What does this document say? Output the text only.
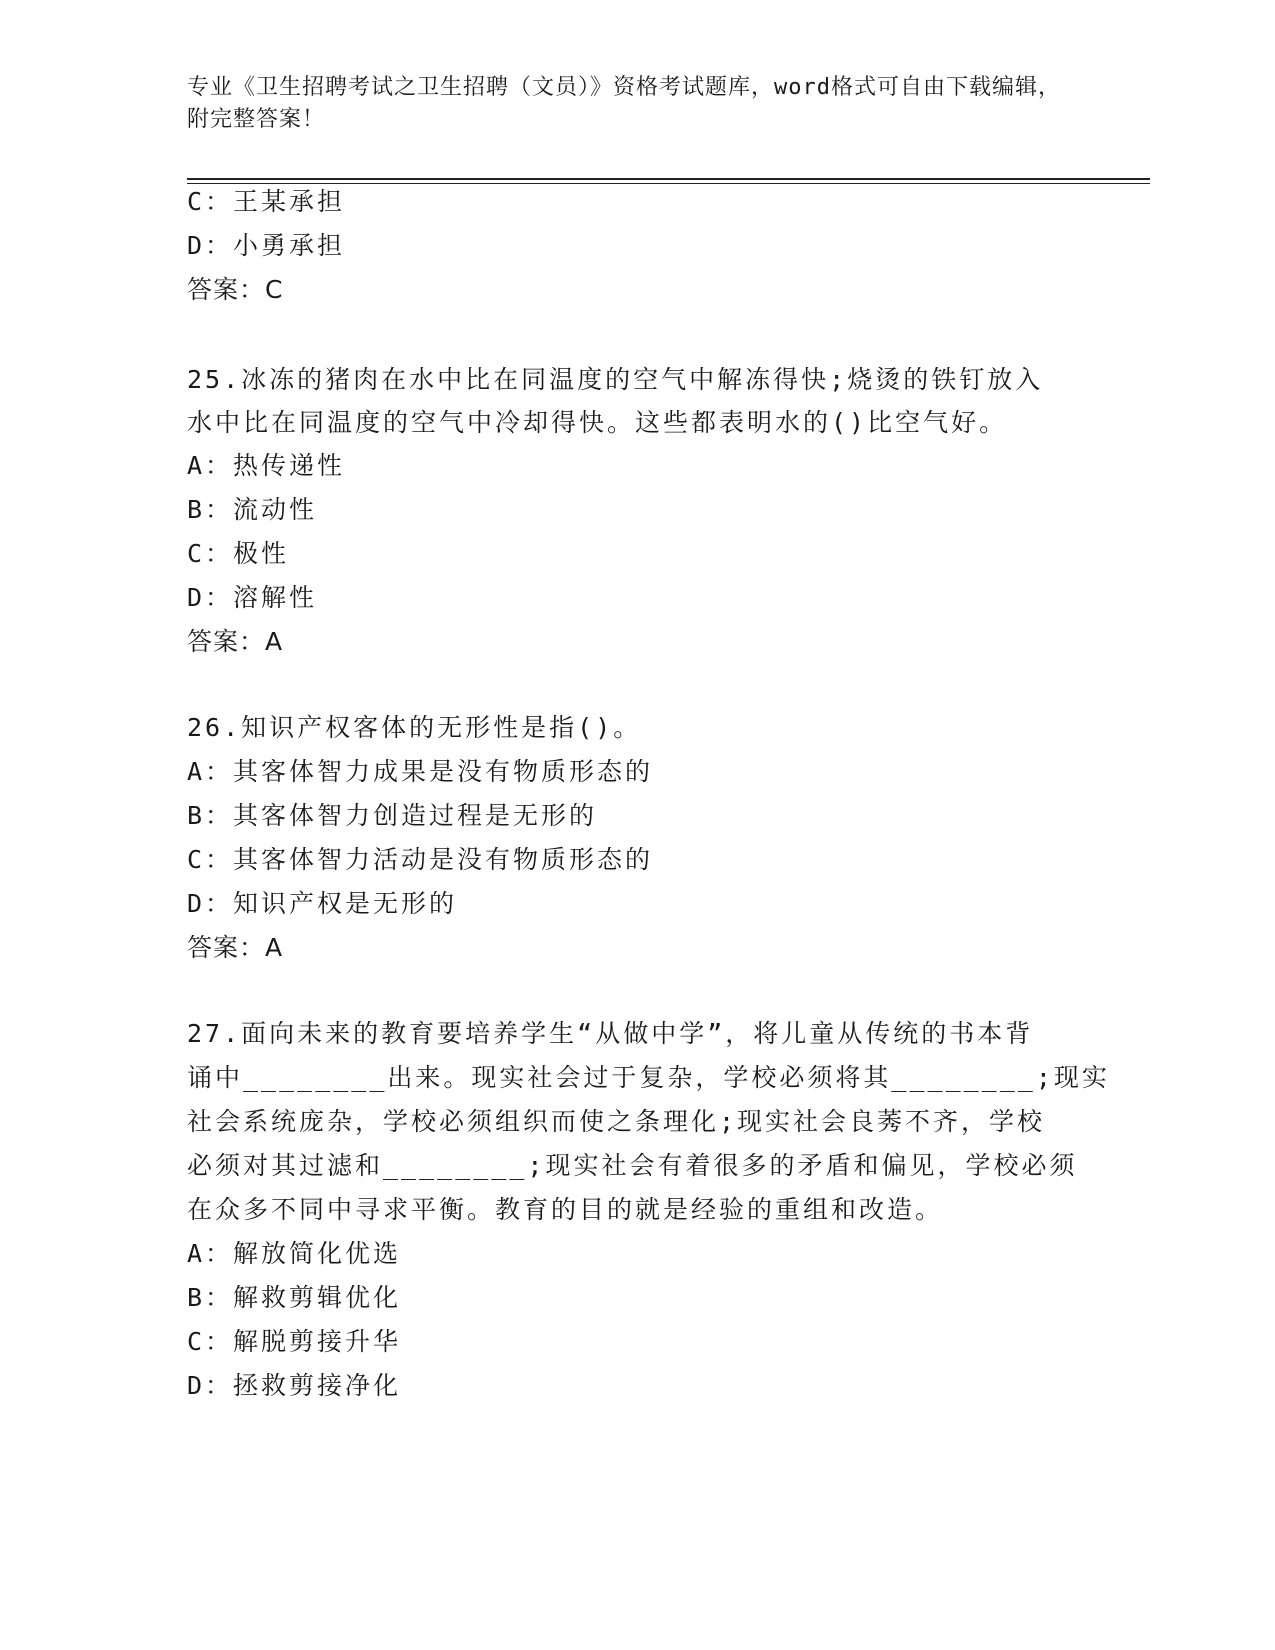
专业《卫生招聘考试之卫生招聘（文员）》资格考试题库，word格式可自由下载编辑，附完整答案！
C：王某承担
D：小勇承担
答案：C
25.冰冻的猪肉在水中比在同温度的空气中解冻得快;烧烫的铁钉放入
水中比在同温度的空气中冷却得快。这些都表明水的()比空气好。
A：热传递性
B：流动性
C：极性
D：溶解性
答案：A
26.知识产权客体的无形性是指()。
A：其客体智力成果是没有物质形态的
B：其客体智力创造过程是无形的
C：其客体智力活动是没有物质形态的
D：知识产权是无形的
答案：A
27.面向未来的教育要培养学生“从做中学”，将儿童从传统的书本背
诵中________出来。现实社会过于复杂，学校必须将其________;现实
社会系统庞杂，学校必须组织而使之条理化;现实社会良莠不齐，学校
必须对其过滤和________;现实社会有着很多的矛盾和偏见，学校必须
在众多不同中寻求平衡。教育的目的就是经验的重组和改造。
A：解放简化优选
B：解救剪辑优化
C：解脱剪接升华
D：拯救剪接净化
